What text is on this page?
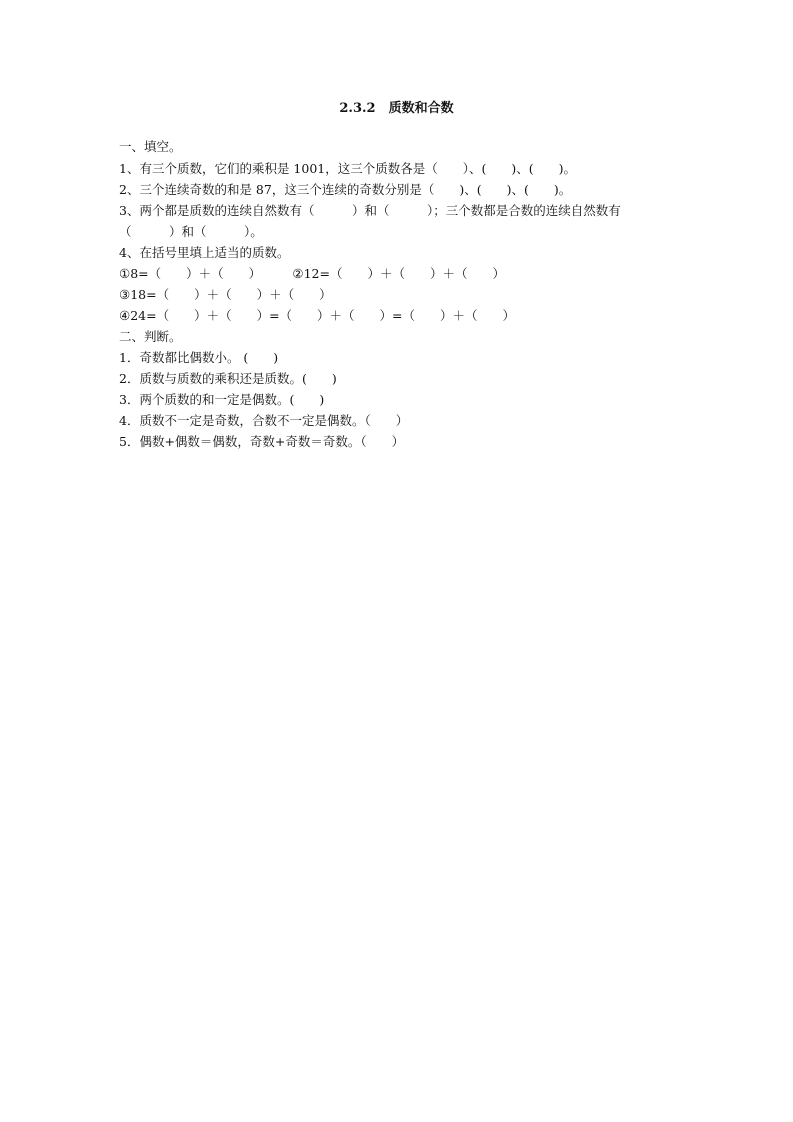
2.3.2　质数和合数
一、填空。
1、有三个质数，它们的乘积是 1001，这三个质数各是（　　）、(　　)、(　　)。
2、三个连续奇数的和是 87，这三个连续的奇数分别是（　　)、(　　)、(　　)。
3、两个都是质数的连续自然数有（　　　）和（　　　）；三个数都是合数的连续自然数有
（　　　）和（　　　）。
4、在括号里填上适当的质数。
①8=（　　）＋（　　）　　　②12=（　　）＋（　　）＋（　　）
③18=（　　）＋（　　）＋（　　）
④24=（　　）＋（　　）=（　　）＋（　　）=（　　）＋（　　）
二、判断。
1．奇数都比偶数小。 (　　)
2．质数与质数的乘积还是质数。(　　)
3．两个质数的和一定是偶数。(　　)
4．质数不一定是奇数，合数不一定是偶数。（　　）
5．偶数+偶数＝偶数，奇数+奇数＝奇数。（　　）
